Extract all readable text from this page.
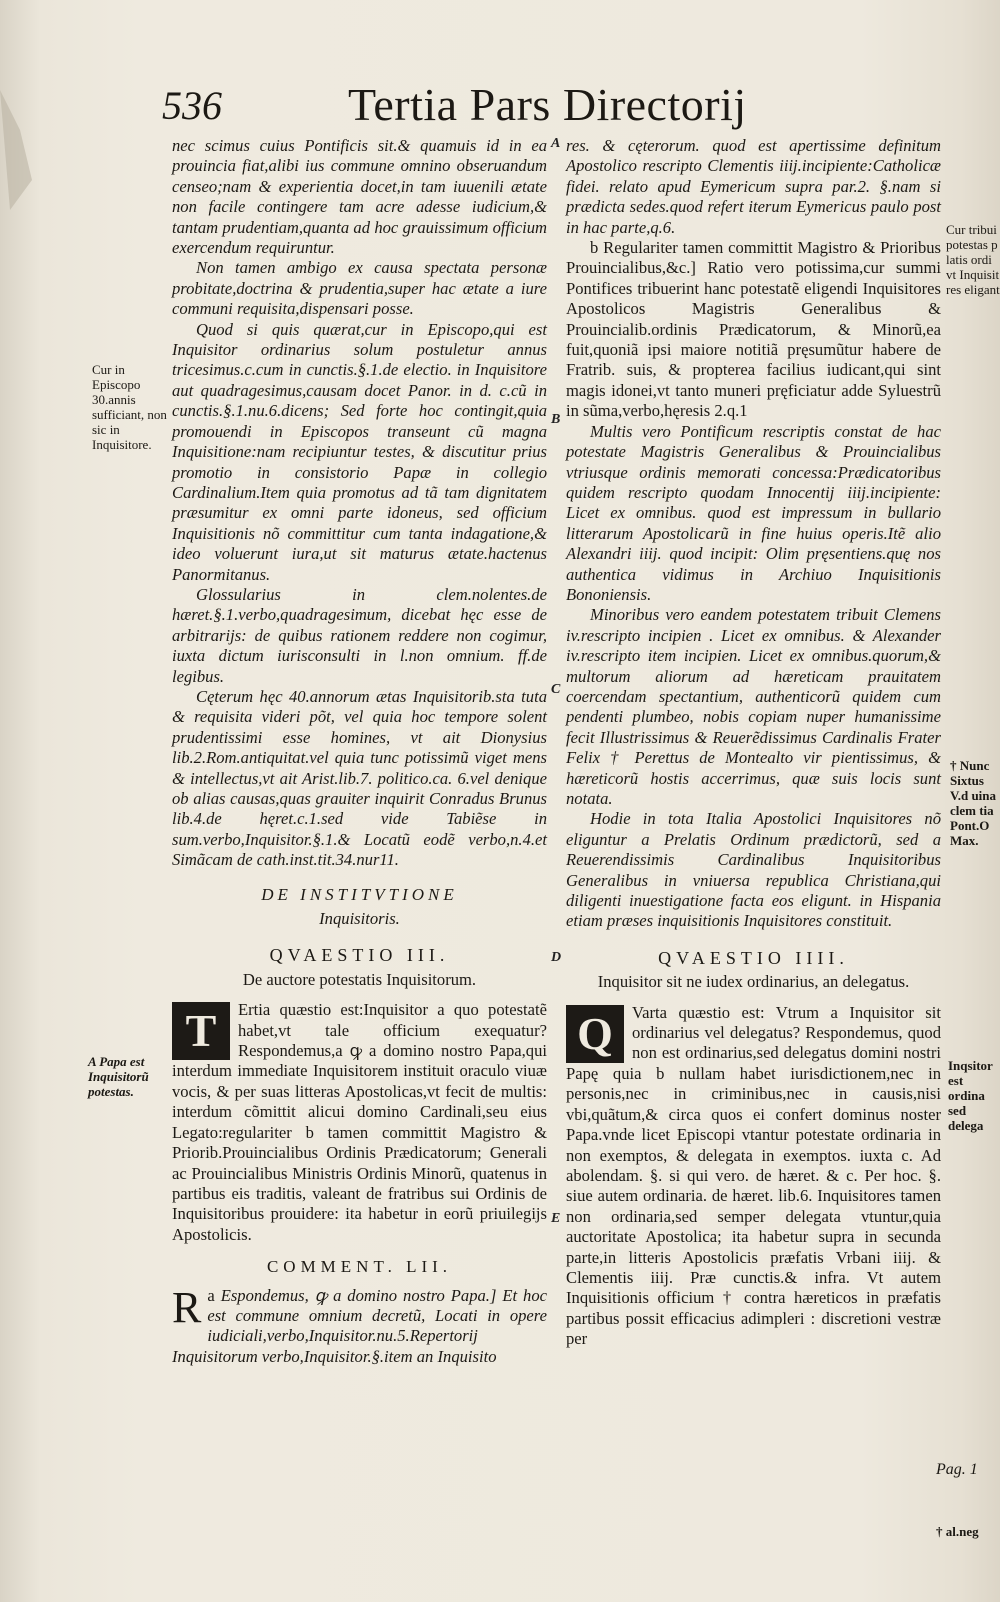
536	Tertia Pars Directorij
A
B
C
D
E

nec scimus cuius Pontificis sit.& quamuis id in ea prouincia fiat,alibi ius commune omnino obseruandum censeo;nam & experientia docet,in tam iuuenili ætate non facile contingere tam acre adesse iudicium,& tantam prudentiam,quanta ad hoc grauissimum officium exercendum requiruntur.

Non tamen ambigo ex causa spectata personæ probitate,doctrina & prudentia,super hac ætate a iure communi requisita,dispensari posse.

Quod si quis quærat,cur in Episcopo,qui est Inquisitor ordinarius solum postuletur annus tricesimus.c.cum in cunctis.§.1.de electio. in Inquisitore aut quadragesimus,causam docet Panor. in d. c.cũ in cunctis.§.1.nu.6.dicens; Sed forte hoc contingit,quia promouendi in Episcopos transeunt cũ magna Inquisitione:nam recipiuntur testes, & discutitur prius promotio in consistorio Papæ in collegio Cardinalium.Item quia promotus ad tã tam dignitatem præsumitur ex omni parte idoneus, sed officium Inquisitionis nõ committitur cum tanta indagatione,& ideo voluerunt iura,ut sit maturus ætate.hactenus Panormitanus.

Glossularius in clem.nolentes.de hæret.§.1.verbo,quadragesimum, dicebat hęc esse de arbitrarijs: de quibus rationem reddere non cogimur, iuxta dictum iurisconsulti in l.non omnium. ff.de legibus.

Cęterum hęc 40.annorum ætas Inquisitorib.sta tuta & requisita videri põt, vel quia hoc tempore solent prudentissimi esse homines, vt ait Dionysius lib.2.Rom.antiquitat.vel quia tunc potissimũ viget mens & intellectus,vt ait Arist.lib.7. politico.ca. 6.vel denique ob alias causas,quas grauiter inquirit Conradus Brunus lib.4.de hęret.c.1.sed vide Tabiẽse in sum.verbo,Inquisitor.§.1.& Locatũ eodẽ verbo,n.4.et Simãcam de cath.inst.tit.34.nur11.

DE INSTITVTIONE
Inquisitoris.
QVAESTIO III.
De auctore potestatis Inquisitorum.

T	Ertia quæstio est:Inquisitor a quo potestatẽ habet,vt tale officium exequatur? Respondemus,a ꝙ a domino nostro Papa,qui interdum immediate Inquisitorem instituit oraculo viuæ vocis, & per suas litteras Apostolicas,vt fecit de multis: interdum cõmittit alicui domino Cardinali,seu eius Legato:regulariter b tamen committit Magistro & Priorib.Prouincialibus Ordinis Prædicatorum; Generali ac Prouincialibus Ministris Ordinis Minorũ, quatenus in partibus eis traditis, valeant de fratribus sui Ordinis de Inquisitoribus prouidere: ita habetur in eorũ priuilegijs Apostolicis.

COMMENT. LII.

a
R Espondemus, ꝙ a domino nostro Papa.] Et hoc est commune omnium decretũ, Locati in opere iudiciali,verbo,Inquisitor.nu.5.Repertorij Inquisitorum verbo,Inquisitor.§.item an Inquisito

res. & cęterorum. quod est apertissime definitum Apostolico rescripto Clementis iiij.incipiente:Catholicæ fidei. relato apud Eymericum supra par.2. §.nam si prædicta sedes.quod refert iterum Eymericus paulo post in hac parte,q.6.

b Regulariter tamen committit Magistro & Prioribus Prouincialibus,&c.] Ratio vero potissima,cur summi Pontifices tribuerint hanc potestatẽ eligendi Inquisitores Apostolicos Magistris Generalibus & Prouincialib.ordinis Prædicatorum, & Minorũ,ea fuit,quoniã ipsi maiore notitiã pręsumũtur habere de Fratrib. suis, & propterea facilius iudicant,qui sint magis idonei,vt tanto muneri pręficiatur adde Syluestrũ in sũma,verbo,hęresis 2.q.1

Multis vero Pontificum rescriptis constat de hac potestate Magistris Generalibus & Prouincialibus vtriusque ordinis memorati concessa:Prædicatoribus quidem rescripto quodam Innocentij iiij.incipiente: Licet ex omnibus. quod est impressum in bullario litterarum Apostolicarũ in fine huius operis.Itẽ alio Alexandri iiij. quod incipit: Olim pręsentiens.quę nos authentica vidimus in Archiuo Inquisitionis Bononiensis.

Minoribus vero eandem potestatem tribuit Clemens iv.rescripto incipien . Licet ex omnibus. & Alexander iv.rescripto item incipien. Licet ex omnibus.quorum,& multorum aliorum ad hæreticam prauitatem coercendam spectantium, authenticorũ quidem cum pendenti plumbeo, nobis copiam nuper humanissime fecit Illustrissimus & Reuerẽdissimus Cardinalis Frater Felix † Perettus de Montealto vir pientissimus, & hæreticorũ hostis accerrimus, quæ suis locis sunt notata.

Hodie in tota Italia Apostolici Inquisitores nõ eliguntur a Prelatis Ordinum prædictorũ, sed a Reuerendissimis Cardinalibus Inquisitoribus Generalibus in vniuersa republica Christiana,qui diligenti inuestigatione facta eos eligunt. in Hispania etiam præses inquisitionis Inquisitores constituit.

QVAESTIO IIII.
Inquisitor sit ne iudex ordinarius, an delegatus.

Q	Varta quæstio est: Vtrum a Inquisitor sit ordinarius vel delegatus? Respondemus, quod non est ordinarius,sed delegatus domini nostri Papę quia b nullam habet iurisdictionem,nec in personis,nec in criminibus,nec in causis,nisi vbi,quãtum,& circa quos ei confert dominus noster Papa.vnde licet Episcopi vtantur potestate ordinaria in non exemptos, & delegata in exemptos. iuxta c. Ad abolendam. §. si qui vero. de hæret. & c. Per hoc. §. siue autem ordinaria. de hæret. lib.6. Inquisitores tamen non ordinaria,sed semper delegata vtuntur,quia auctoritate Apostolica; ita habetur supra in secunda parte,in litteris Apostolicis præfatis Vrbani iiij. & Clementis iiij. Præ cunctis.& infra. Vt autem Inquisitionis officium † contra hæreticos in præfatis partibus possit efficacius adimpleri : discretioni vestræ per

Cur in Episcopo 30.annis sufficiant, non sic in Inquisitore.
A Papa est Inquisitorũ potestas.
Cur tribui potestas p latis ordi vt Inquisit res eligant
† Nunc Sixtus V.d uina clem tia Pont.O Max.
Inqsitor est ordina sed delega
Pag. 1
† al.neg
